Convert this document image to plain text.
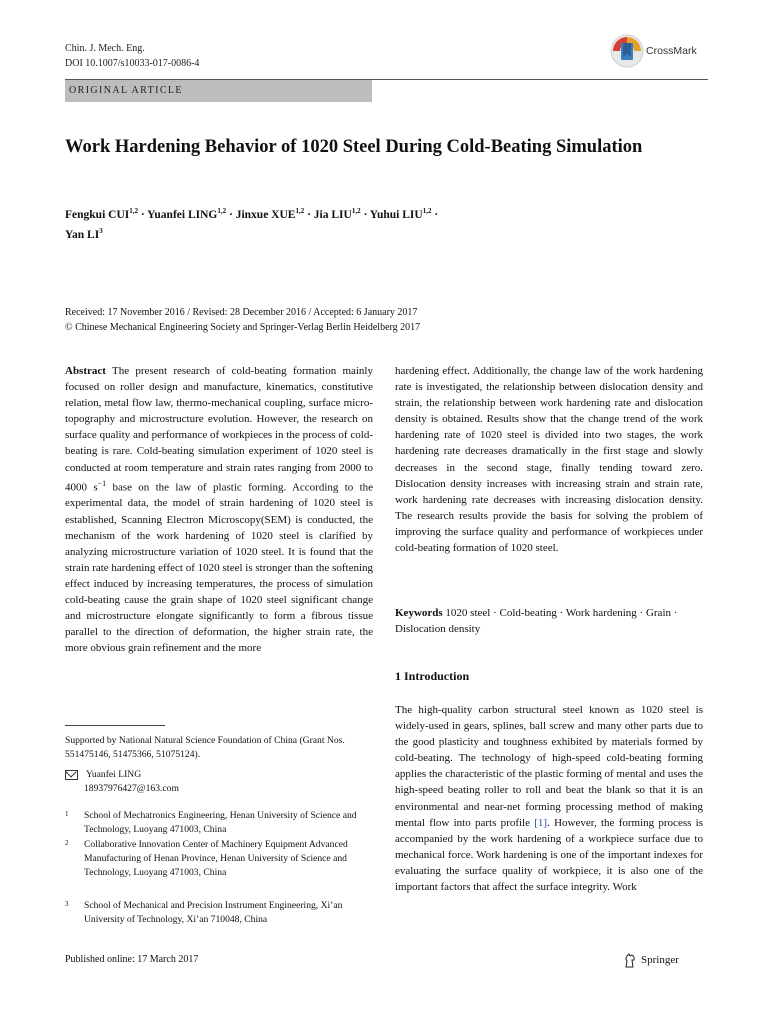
Chin. J. Mech. Eng.
DOI 10.1007/s10033-017-0086-4
CrossMark
ORIGINAL ARTICLE
Work Hardening Behavior of 1020 Steel During Cold-Beating Simulation
Fengkui CUI$^{1,2}$ · Yuanfei LING$^{1,2}$ · Jinxue XUE$^{1,2}$ · Jia LIU$^{1,2}$ · Yuhui LIU$^{1,2}$ ·
Yan $LI^3$
Received: 17 November 2016 / Revised: 28 December 2016 / Accepted: 6 January 2017
© Chinese Mechanical Engineering Society and Springer-Verlag Berlin Heidelberg 2017
Abstract The present research of cold-beating formation mainly focused on roller design and manufacture, kinematics, constitutive relation, metal flow law, thermo-mechanical coupling, surface micro-topography and microstructure evolution. However, the research on surface quality and performance of workpieces in the process of cold-beating is rare. Cold-beating simulation experiment of 1020 steel is conducted at room temperature and strain rates ranging from 2000 to 4000 $s^{-1}$ base on the law of plastic forming. According to the experimental data, the model of strain hardening of 1020 steel is established, Scanning Electron Microscopy(SEM) is conducted, the mechanism of the work hardening of 1020 steel is clarified by analyzing microstructure variation of 1020 steel. It is found that the strain rate hardening effect of 1020 steel is stronger than the softening effect induced by increasing temperatures, the process of simulation cold-beating cause the grain shape of 1020 steel significant change and microstructure elongate significantly to form a fibrous tissue parallel to the direction of deformation, the higher strain rate, the more obvious grain refinement and the more
hardening effect. Additionally, the change law of the work hardening rate is investigated, the relationship between dislocation density and strain, the relationship between work hardening rate and dislocation density is obtained. Results show that the change trend of the work hardening rate of 1020 steel is divided into two stages, the work hardening rate decreases dramatically in the first stage and slowly decreases in the second stage, finally tending toward zero. Dislocation density increases with increasing strain and strain rate, work hardening rate decreases with increasing dislocation density. The research results provide the basis for solving the problem of improving the surface quality and performance of workpieces under cold-beating formation of 1020 steel.
Keywords 1020 steel · Cold-beating · Work hardening · Grain · Dislocation density
1 Introduction
The high-quality carbon structural steel known as 1020 steel is widely-used in gears, splines, ball screw and many other parts due to the good plasticity and toughness exhibited by materials formed by cold-beating. The technology of high-speed cold-beating forming applies the characteristic of the plastic forming of mental and uses the high-speed beating roller to roll and beat the blank so that it is an environmental and near-net forming processing method of making mental flow into parts profile [1]. However, the forming process is accompanied by the work hardening of a workpiece surface due to mechanical force. Work hardening is one of the important indexes for evaluating the surface quality of workpiece, it is also one of the important factors that affect the surface integrity. Work
Supported by National Natural Science Foundation of China (Grant Nos. 551475146, 51475366, 51075124).
Yuanfei LING
18937976427@163.com
1	School of Mechatronics Engineering, Henan University of Science and Technology, Luoyang 471003, China
2	Collaborative Innovation Center of Machinery Equipment Advanced Manufacturing of Henan Province, Henan University of Science and Technology, Luoyang 471003, China
3	School of Mechanical and Precision Instrument Engineering, Xi’an University of Technology, Xi’an 710048, China
Published online: 17 March 2017	Springer
